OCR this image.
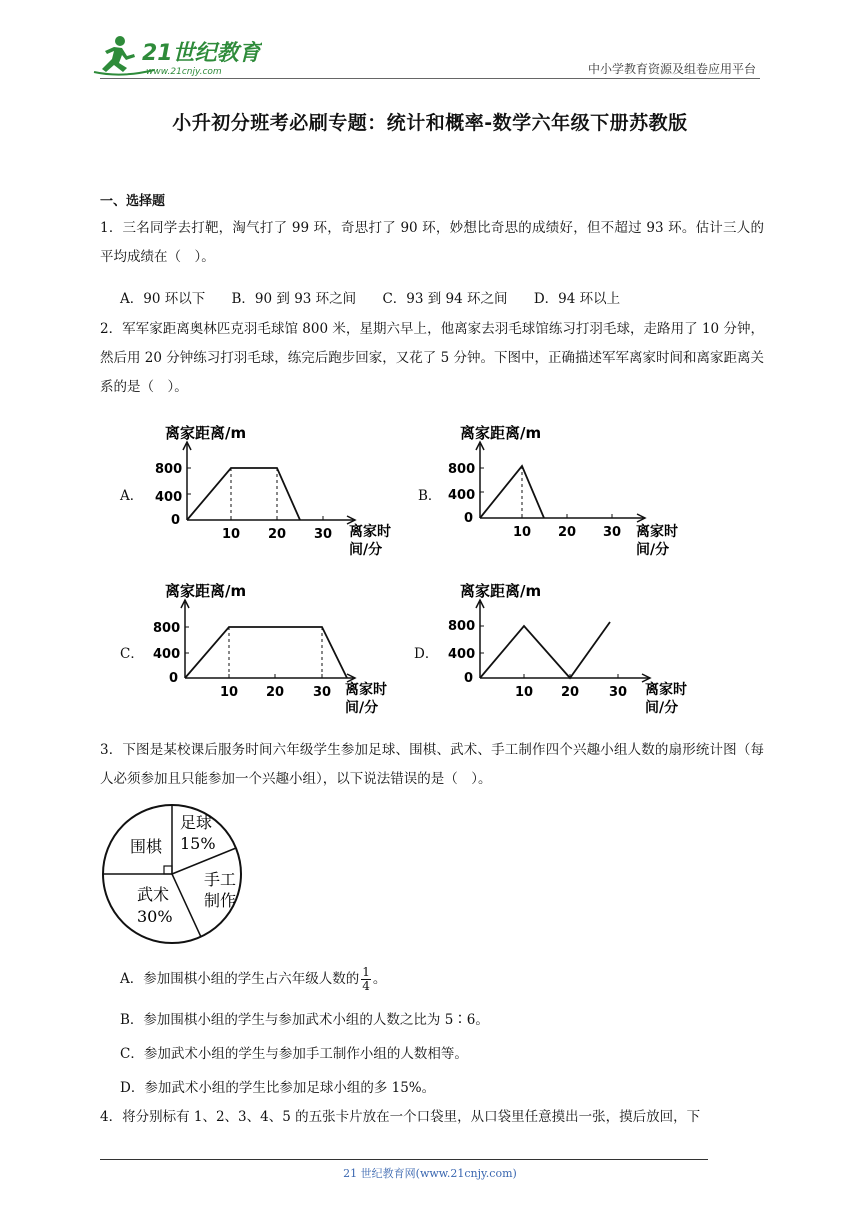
21世纪教育
www.21cnjy.com	中小学教育资源及组卷应用平台
小升初分班考必刷专题：统计和概率-数学六年级下册苏教版
一、选择题
1．三名同学去打靶，淘气打了 99 环，奇思打了 90 环，妙想比奇思的成绩好，但不超过 93 环。估计三人的平均成绩在（　）。
A．90 环以下 B．90 到 93 环之间 C．93 到 94 环之间 D．94 环以上
2．军军家距离奥林匹克羽毛球馆 800 米，星期六早上，他离家去羽毛球馆练习打羽毛球，走路用了 10 分钟，然后用 20 分钟练习打羽毛球，练完后跑步回家，又花了 5 分钟。下图中，正确描述军军离家时间和离家距离关系的是（　）。
A．
离家距离/m
800
400
0
10 20 30 离家时
间/分
B．
离家距离/m
800
400
0
10 20 30 离家时
间/分
C．
离家距离/m
800
400
0
10 20 30 离家时
间/分
D．
离家距离/m
800
400
0
10 20 30 离家时
间/分
3．下图是某校课后服务时间六年级学生参加足球、围棋、武术、手工制作四个兴趣小组人数的扇形统计图（每人必须参加且只能参加一个兴趣小组），以下说法错误的是（　）。
围棋
足球
15%
手工
制作
武术
30%
A．参加围棋小组的学生占六年级人数的 $\frac{1}{4}$ 。
B．参加围棋小组的学生与参加武术小组的人数之比为 5∶6。
C．参加武术小组的学生与参加手工制作小组的人数相等。
D．参加武术小组的学生比参加足球小组的多 15%。
4．将分别标有 1、2、3、4、5 的五张卡片放在一个口袋里，从口袋里任意摸出一张，摸后放回，下
21 世纪教育网(www.21cnjy.com)
